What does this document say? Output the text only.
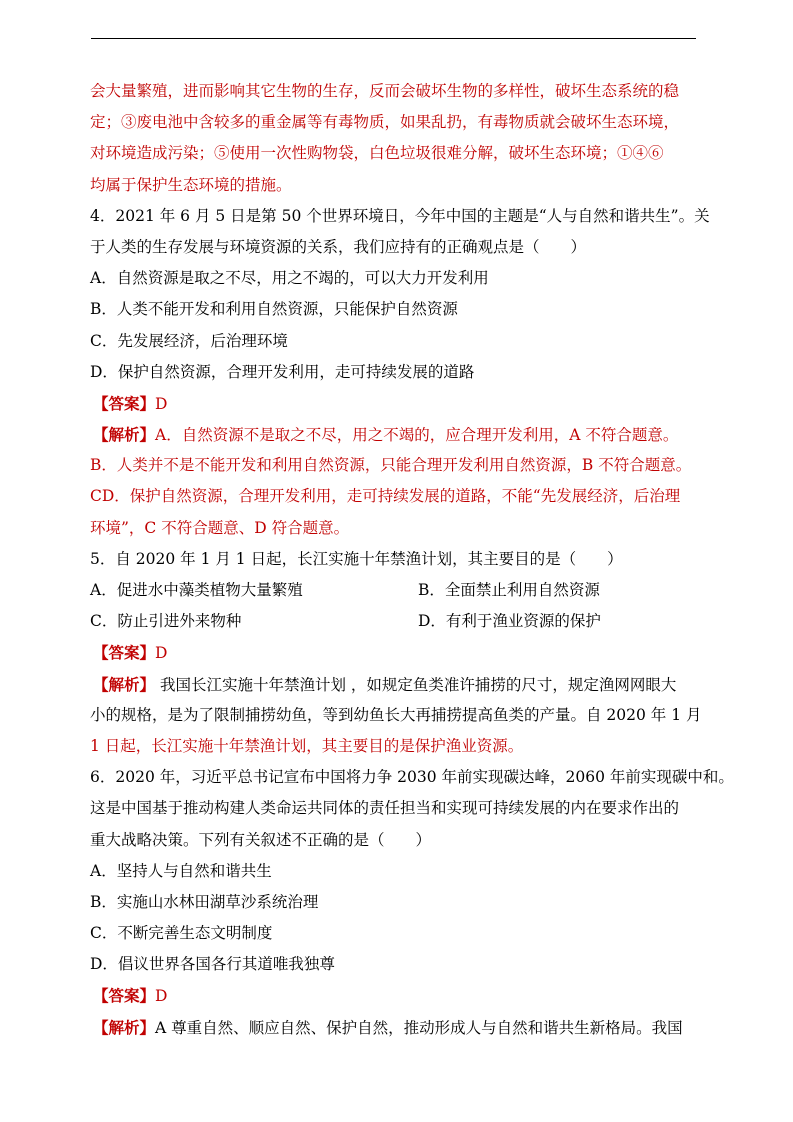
会大量繁殖，进而影响其它生物的生存，反而会破坏生物的多样性，破坏生态系统的稳
定；③废电池中含较多的重金属等有毒物质，如果乱扔，有毒物质就会破坏生态环境，
对环境造成污染；⑤使用一次性购物袋，白色垃圾很难分解，破坏生态环境；①④⑥
均属于保护生态环境的措施。
4．2021 年 6 月 5 日是第 50 个世界环境日，今年中国的主题是“人与自然和谐共生”。关
于人类的生存发展与环境资源的关系，我们应持有的正确观点是（　　）
A．自然资源是取之不尽，用之不竭的，可以大力开发利用
B．人类不能开发和利用自然资源，只能保护自然资源
C．先发展经济，后治理环境
D．保护自然资源，合理开发利用，走可持续发展的道路
【答案】D
【解析】A．自然资源不是取之不尽，用之不竭的，应合理开发利用，A 不符合题意。
B．人类并不是不能开发和利用自然资源，只能合理开发利用自然资源，B 不符合题意。
CD．保护自然资源，合理开发利用，走可持续发展的道路，不能“先发展经济，后治理
环境”，C 不符合题意、D 符合题意。
5．自 2020 年 1 月 1 日起，长江实施十年禁渔计划，其主要目的是（　　）
A．促进水中藻类植物大量繁殖	B．全面禁止利用自然资源
C．防止引进外来物种	D．有利于渔业资源的保护
【答案】D
【解析】 我国长江实施十年禁渔计划 ，如规定鱼类准许捕捞的尺寸，规定渔网网眼大
小的规格，是为了限制捕捞幼鱼，等到幼鱼长大再捕捞提高鱼类的产量。自 2020 年 1 月
1 日起，长江实施十年禁渔计划，其主要目的是保护渔业资源。
6．2020 年，习近平总书记宣布中国将力争 2030 年前实现碳达峰，2060 年前实现碳中和。
这是中国基于推动构建人类命运共同体的责任担当和实现可持续发展的内在要求作出的
重大战略决策。下列有关叙述不正确的是（　　）
A．坚持人与自然和谐共生
B．实施山水林田湖草沙系统治理
C．不断完善生态文明制度
D．倡议世界各国各行其道唯我独尊
【答案】D
【解析】A 尊重自然、顺应自然、保护自然，推动形成人与自然和谐共生新格局。我国
